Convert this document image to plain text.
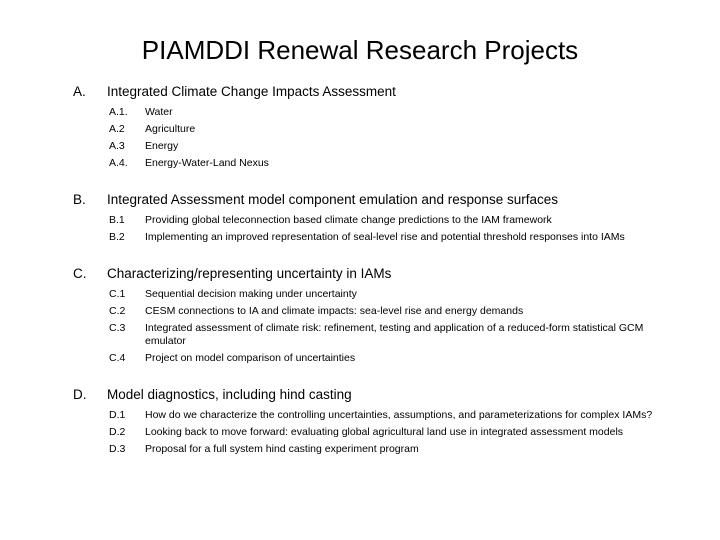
PIAMDDI Renewal Research Projects
A. Integrated Climate Change Impacts Assessment
A.1. Water
A.2 Agriculture
A.3 Energy
A.4. Energy-Water-Land Nexus
B. Integrated Assessment model component emulation and response surfaces
B.1 Providing global teleconnection based climate change predictions to the IAM framework
B.2 Implementing an improved representation of seal-level rise and potential threshold responses into IAMs
C. Characterizing/representing uncertainty in IAMs
C.1 Sequential decision making under uncertainty
C.2 CESM connections to IA and climate impacts: sea-level rise and energy demands
C.3 Integrated assessment of climate risk: refinement, testing and application of a reduced-form statistical GCM emulator
C.4 Project on model comparison of uncertainties
D. Model diagnostics, including hind casting
D.1 How do we characterize the controlling uncertainties, assumptions, and parameterizations for complex IAMs?
D.2 Looking back to move forward: evaluating global agricultural land use in integrated assessment models
D.3 Proposal for a full system hind casting experiment program
